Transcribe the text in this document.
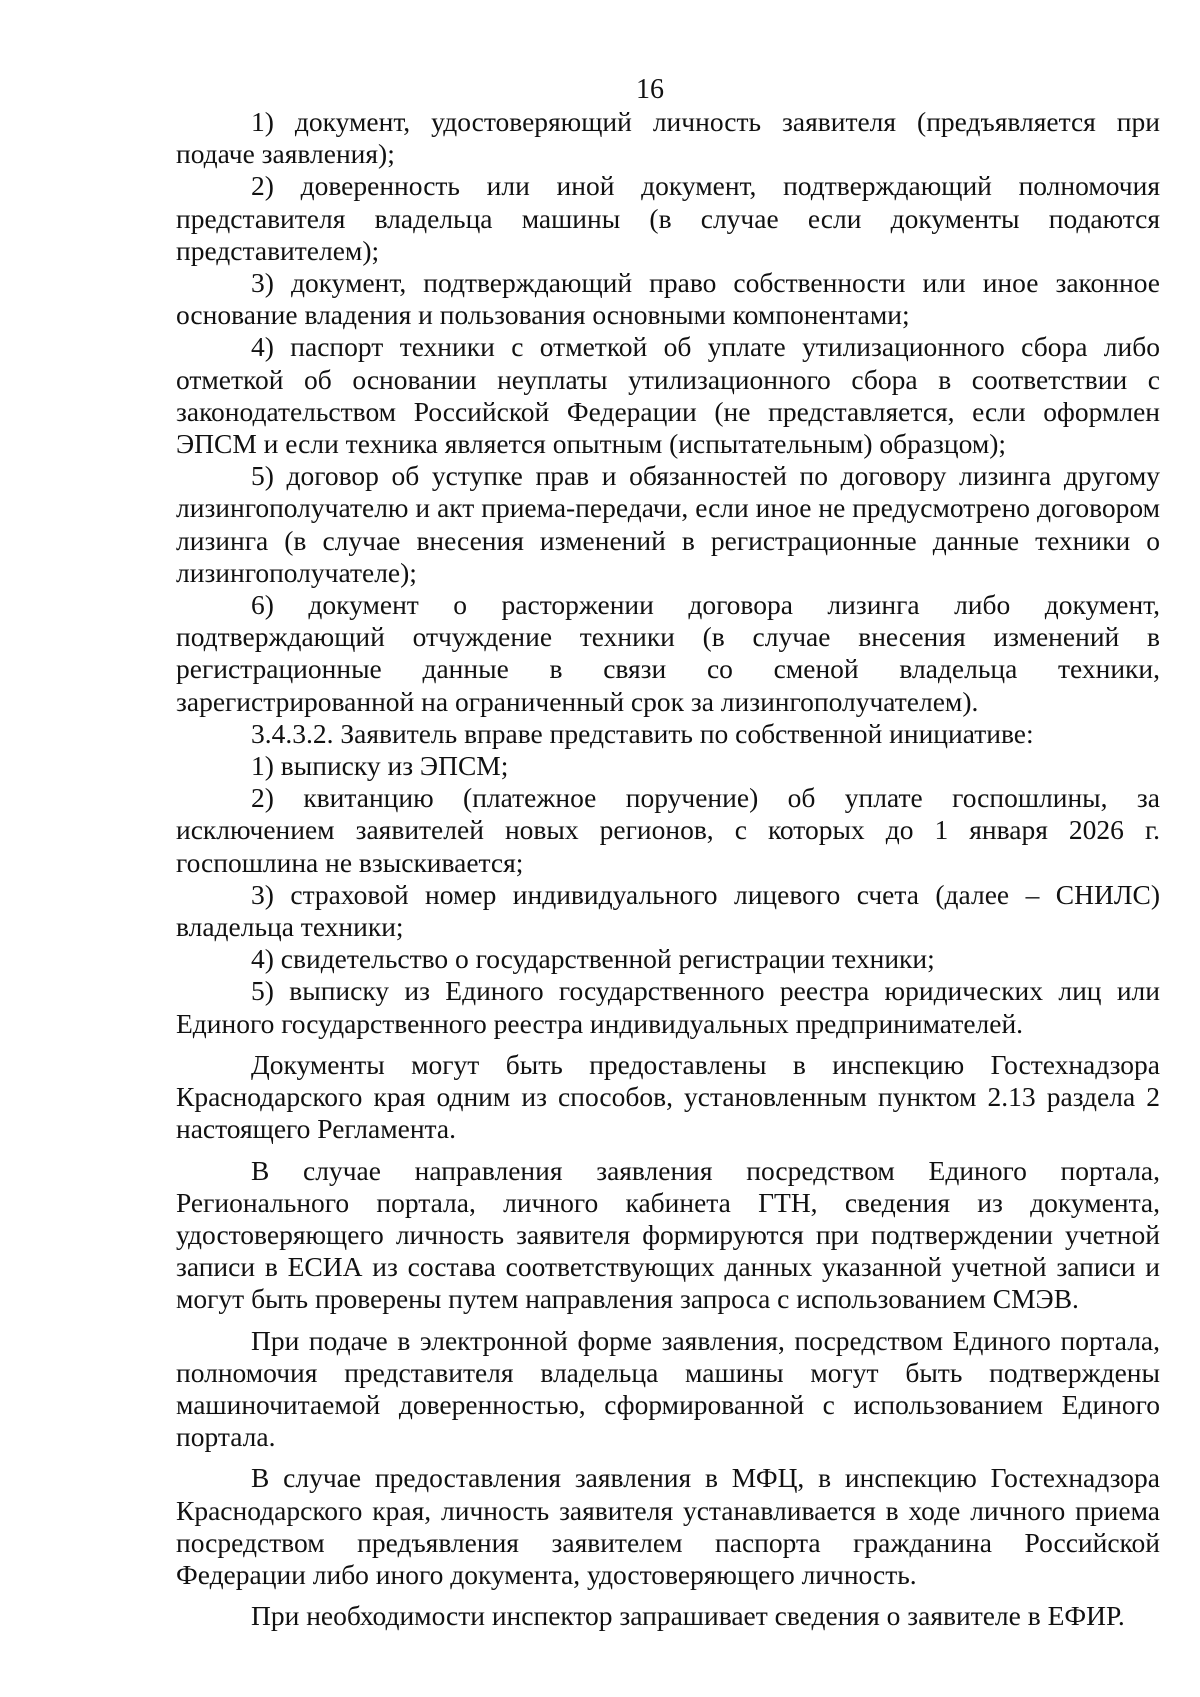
16

1) документ, удостоверяющий личность заявителя (предъявляется при подаче заявления);

2) доверенность или иной документ, подтверждающий полномочия представителя владельца машины (в случае если документы подаются представителем);

3) документ, подтверждающий право собственности или иное законное основание владения и пользования основными компонентами;

4) паспорт техники с отметкой об уплате утилизационного сбора либо отметкой об основании неуплаты утилизационного сбора в соответствии с законодательством Российской Федерации (не представляется, если оформлен ЭПСМ и если техника является опытным (испытательным) образцом);

5) договор об уступке прав и обязанностей по договору лизинга другому лизингополучателю и акт приема-передачи, если иное не предусмотрено договором лизинга (в случае внесения изменений в регистрационные данные техники о лизингополучателе);

6) документ о расторжении договора лизинга либо документ, подтверждающий отчуждение техники (в случае внесения изменений в регистрационные данные в связи со сменой владельца техники, зарегистрированной на ограниченный срок за лизингополучателем).

3.4.3.2. Заявитель вправе представить по собственной инициативе:

1) выписку из ЭПСМ;

2) квитанцию (платежное поручение) об уплате госпошлины, за исключением заявителей новых регионов, с которых до 1 января 2026 г. госпошлина не взыскивается;

3) страховой номер индивидуального лицевого счета (далее – СНИЛС) владельца техники;

4) свидетельство о государственной регистрации техники;

5) выписку из Единого государственного реестра юридических лиц или Единого государственного реестра индивидуальных предпринимателей.

Документы могут быть предоставлены в инспекцию Гостехнадзора Краснодарского края одним из способов, установленным пунктом 2.13 раздела 2 настоящего Регламента.

В случае направления заявления посредством Единого портала, Регионального портала, личного кабинета ГТН, сведения из документа, удостоверяющего личность заявителя формируются при подтверждении учетной записи в ЕСИА из состава соответствующих данных указанной учетной записи и могут быть проверены путем направления запроса с использованием СМЭВ.

При подаче в электронной форме заявления, посредством Единого портала, полномочия представителя владельца машины могут быть подтверждены машиночитаемой доверенностью, сформированной с использованием Единого портала.

В случае предоставления заявления в МФЦ, в инспекцию Гостехнадзора Краснодарского края, личность заявителя устанавливается в ходе личного приема посредством предъявления заявителем паспорта гражданина Российской Федерации либо иного документа, удостоверяющего личность.

При необходимости инспектор запрашивает сведения о заявителе в ЕФИР.
